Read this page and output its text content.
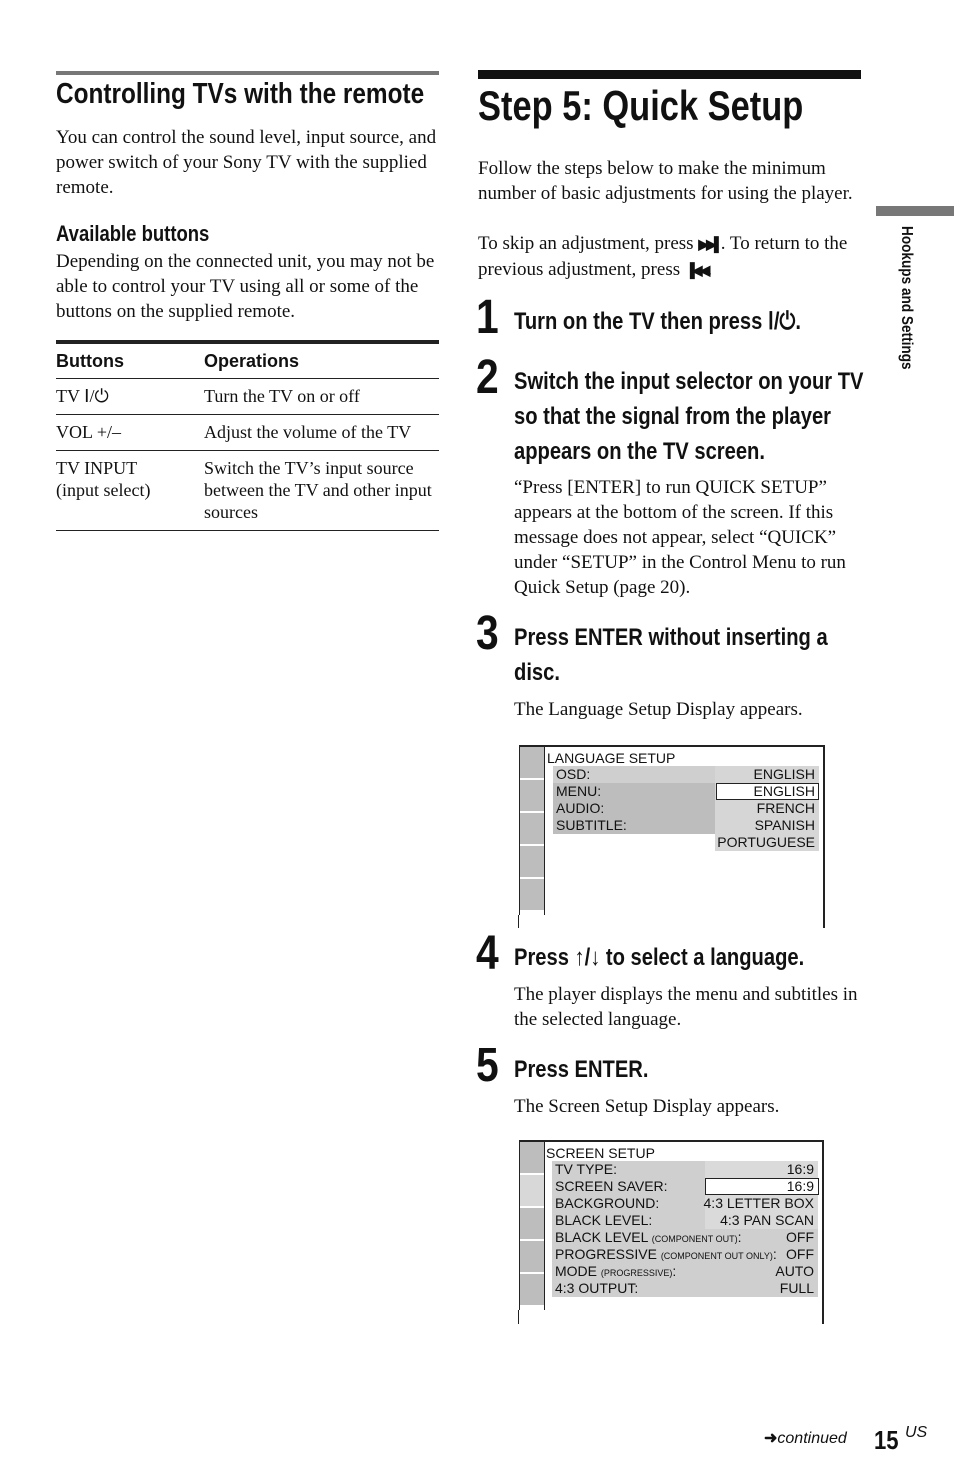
Controlling TVs with the remote
You can control the sound level, input source, and power switch of your Sony TV with the supplied remote.
Available buttons
Depending on the connected unit, you may not be able to control your TV using all or some of the buttons on the supplied remote.
Buttons	Operations
TV Ⅰ/⏻	Turn the TV on or off
VOL +/–	Adjust the volume of the TV
TV INPUT
(input select)	Switch the TV’s input source between the TV and other input sources
Step 5: Quick Setup
Follow the steps below to make the minimum number of basic adjustments for using the player.
To skip an adjustment, press ▶▶▌. To return to the previous adjustment, press ▐◀◀.
1 Turn on the TV then press Ⅰ/⏻.
2 Switch the input selector on your TV so that the signal from the player appears on the TV screen.
“Press [ENTER] to run QUICK SETUP” appears at the bottom of the screen. If this message does not appear, select “QUICK” under “SETUP” in the Control Menu to run Quick Setup (page 20).
3 Press ENTER without inserting a disc.
The Language Setup Display appears.
LANGUAGE SETUP
OSD:	ENGLISH
MENU:	ENGLISH
AUDIO:	FRENCH
SUBTITLE:	SPANISH
PORTUGUESE
4 Press ↑/↓ to select a language.
The player displays the menu and subtitles in the selected language.
5 Press ENTER.
The Screen Setup Display appears.
SCREEN SETUP
TV TYPE:	16:9
SCREEN SAVER:	16:9
BACKGROUND:	4:3 LETTER BOX
BLACK LEVEL:	4:3 PAN SCAN
BLACK LEVEL (COMPONENT OUT):	OFF
PROGRESSIVE (COMPONENT OUT ONLY): OFF
MODE (PROGRESSIVE):	AUTO
4:3 OUTPUT:	FULL
Hookups and Settings
➜continued 15 US
